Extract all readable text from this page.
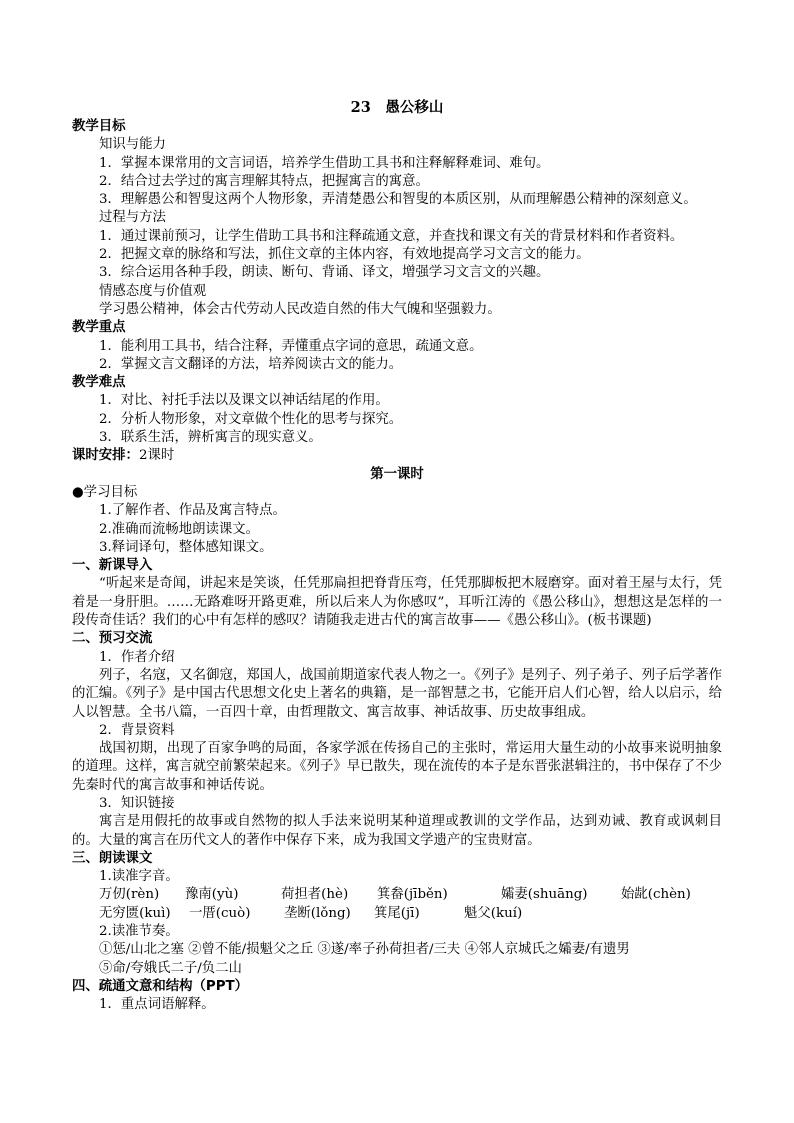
23　愚公移山
教学目标
知识与能力
1．掌握本课常用的文言词语，培养学生借助工具书和注释解释难词、难句。
2．结合过去学过的寓言理解其特点，把握寓言的寓意。
3．理解愚公和智叟这两个人物形象，弄清楚愚公和智叟的本质区别，从而理解愚公精神的深刻意义。
过程与方法
1．通过课前预习，让学生借助工具书和注释疏通文意，并查找和课文有关的背景材料和作者资料。
2．把握文章的脉络和写法，抓住文章的主体内容，有效地提高学习文言文的能力。
3．综合运用各种手段，朗读、断句、背诵、译文，增强学习文言文的兴趣。
情感态度与价值观
学习愚公精神，体会古代劳动人民改造自然的伟大气魄和坚强毅力。
教学重点
1．能利用工具书，结合注释，弄懂重点字词的意思，疏通文意。
2．掌握文言文翻译的方法，培养阅读古文的能力。
教学难点
1．对比、衬托手法以及课文以神话结尾的作用。
2．分析人物形象，对文章做个性化的思考与探究。
3．联系生活，辨析寓言的现实意义。
课时安排：2课时
第一课时
●学习目标
1.了解作者、作品及寓言特点。
2.准确而流畅地朗读课文。
3.释词译句，整体感知课文。
一、新课导入
“听起来是奇闻，讲起来是笑谈，任凭那扁担把脊背压弯，任凭那脚板把木屐磨穿。面对着王屋与太行，凭着是一身肝胆。……无路难呀开路更难，所以后来人为你感叹”，耳听江涛的《愚公移山》，想想这是怎样的一段传奇佳话？我们的心中有怎样的感叹？请随我走进古代的寓言故事——《愚公移山》。(板书课题)
二、预习交流
1．作者介绍
列子，名寇，又名御寇，郑国人，战国前期道家代表人物之一。《列子》是列子、列子弟子、列子后学著作的汇编。《列子》是中国古代思想文化史上著名的典籍，是一部智慧之书，它能开启人们心智，给人以启示，给人以智慧。全书八篇，一百四十章，由哲理散文、寓言故事、神话故事、历史故事组成。
2．背景资料
战国初期，出现了百家争鸣的局面，各家学派在传扬自己的主张时，常运用大量生动的小故事来说明抽象的道理。这样，寓言就空前繁荣起来。《列子》早已散失，现在流传的本子是东晋张湛辑注的，书中保存了不少先秦时代的寓言故事和神话传说。
3．知识链接
寓言是用假托的故事或自然物的拟人手法来说明某种道理或教训的文学作品，达到劝诫、教育或讽刺目的。大量的寓言在历代文人的著作中保存下来，成为我国文学遗产的宝贵财富。
三、朗读课文
1.读准字音。
万仞(rèn)	豫南(yù)	荷担者(hè)	箕畚(jīběn)	孀妻(shuāng)	始龀(chèn)
无穷匮(kuì)	一厝(cuò)	垄断(lǒng)	箕尾(jī)	魁父(kuí)
2.读准节奏。
①惩/山北之塞 ②曾不能/损魁父之丘 ③遂/率子孙荷担者/三夫 ④邻人京城氏之孀妻/有遗男
⑤命/夸娥氏二子/负二山
四、疏通文意和结构（PPT）
1．重点词语解释。
